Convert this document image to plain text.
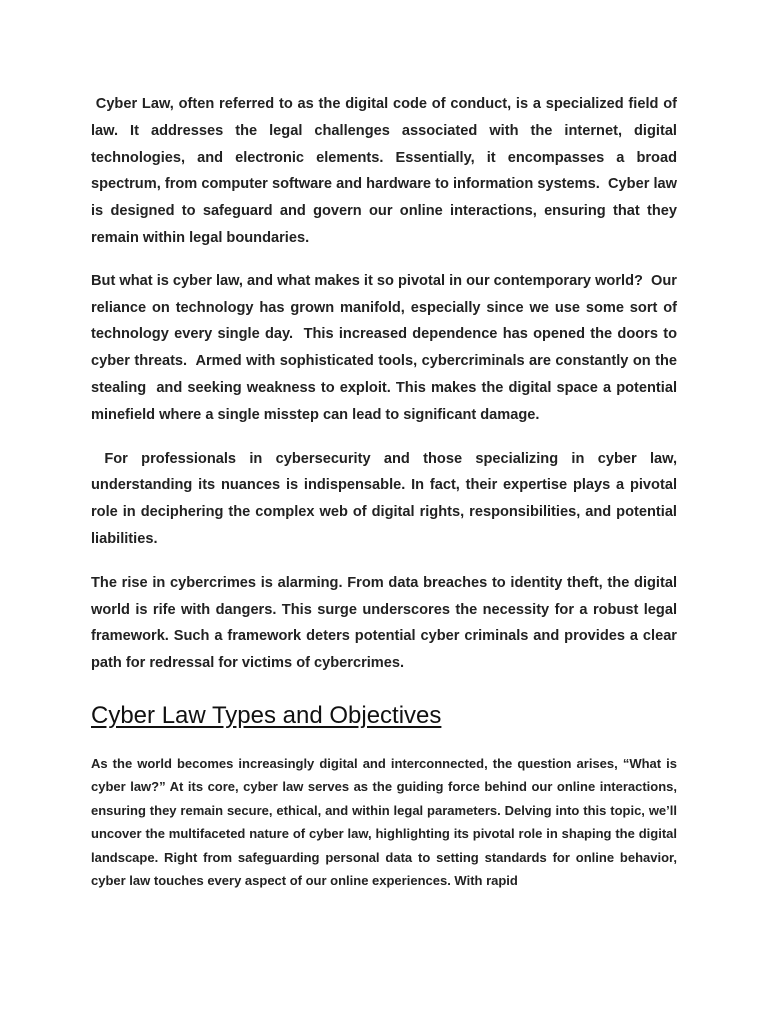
Cyber Law, often referred to as the digital code of conduct, is a specialized field of law. It addresses the legal challenges associated with the internet, digital technologies, and electronic elements. Essentially, it encompasses a broad spectrum, from computer software and hardware to information systems.  Cyber law is designed to safeguard and govern our online interactions, ensuring that they remain within legal boundaries.

But what is cyber law, and what makes it so pivotal in our contemporary world?  Our reliance on technology has grown manifold, especially since we use some sort of technology every single day.  This increased dependence has opened the doors to cyber threats.  Armed with sophisticated tools, cybercriminals are constantly on the stealing  and seeking weakness to exploit. This makes the digital space a potential minefield where a single misstep can lead to significant damage.

For professionals in cybersecurity and those specializing in cyber law, understanding its nuances is indispensable. In fact, their expertise plays a pivotal role in deciphering the complex web of digital rights, responsibilities, and potential liabilities.

The rise in cybercrimes is alarming. From data breaches to identity theft, the digital world is rife with dangers. This surge underscores the necessity for a robust legal framework. Such a framework deters potential cyber criminals and provides a clear path for redressal for victims of cybercrimes.

Cyber Law Types and Objectives

As the world becomes increasingly digital and interconnected, the question arises, “What is cyber law?” At its core, cyber law serves as the guiding force behind our online interactions, ensuring they remain secure, ethical, and within legal parameters. Delving into this topic, we’ll uncover the multifaceted nature of cyber law, highlighting its pivotal role in shaping the digital landscape. Right from safeguarding personal data to setting standards for online behavior, cyber law touches every aspect of our online experiences. With rapid
